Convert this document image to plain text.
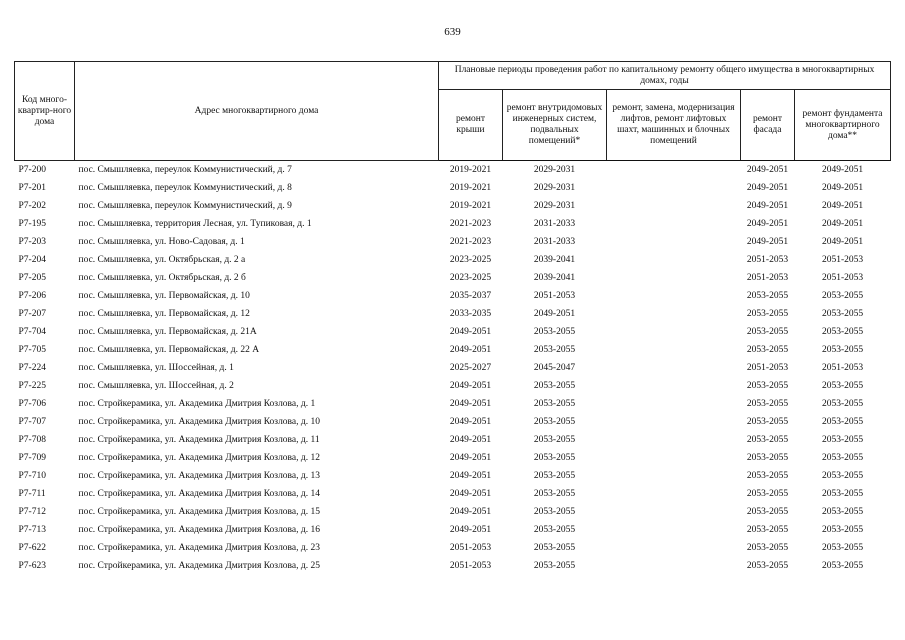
639
Код много-квартир-ного дома	Адрес многоквартирного дома	Плановые периоды проведения работ по капитальному ремонту общего имущества в многоквартирных домах, годы				
		ремонт крыши	ремонт внутридомовых инженерных систем, подвальных помещений*	ремонт, замена, модернизация лифтов, ремонт лифтовых шахт, машинных и блочных помещений	ремонт фасада	ремонт фундамента многоквартирного дома**
Р7-200	пос. Смышляевка, переулок Коммунистический, д. 7	2019-2021	2029-2031		2049-2051	2049-2051
Р7-201	пос. Смышляевка, переулок Коммунистический, д. 8	2019-2021	2029-2031		2049-2051	2049-2051
Р7-202	пос. Смышляевка, переулок Коммунистический, д. 9	2019-2021	2029-2031		2049-2051	2049-2051
Р7-195	пос. Смышляевка, территория Лесная, ул. Тупиковая, д. 1	2021-2023	2031-2033		2049-2051	2049-2051
Р7-203	пос. Смышляевка, ул. Ново-Садовая, д. 1	2021-2023	2031-2033		2049-2051	2049-2051
Р7-204	пос. Смышляевка, ул. Октябрьская, д. 2 а	2023-2025	2039-2041		2051-2053	2051-2053
Р7-205	пос. Смышляевка, ул. Октябрьская, д. 2 б	2023-2025	2039-2041		2051-2053	2051-2053
Р7-206	пос. Смышляевка, ул. Первомайская, д. 10	2035-2037	2051-2053		2053-2055	2053-2055
Р7-207	пос. Смышляевка, ул. Первомайская, д. 12	2033-2035	2049-2051		2053-2055	2053-2055
Р7-704	пос. Смышляевка, ул. Первомайская, д. 21А	2049-2051	2053-2055		2053-2055	2053-2055
Р7-705	пос. Смышляевка, ул. Первомайская, д. 22 А	2049-2051	2053-2055		2053-2055	2053-2055
Р7-224	пос. Смышляевка, ул. Шоссейная, д. 1	2025-2027	2045-2047		2051-2053	2051-2053
Р7-225	пос. Смышляевка, ул. Шоссейная, д. 2	2049-2051	2053-2055		2053-2055	2053-2055
Р7-706	пос. Стройкерамика, ул. Академика Дмитрия Козлова, д. 1	2049-2051	2053-2055		2053-2055	2053-2055
Р7-707	пос. Стройкерамика, ул. Академика Дмитрия Козлова, д. 10	2049-2051	2053-2055		2053-2055	2053-2055
Р7-708	пос. Стройкерамика, ул. Академика Дмитрия Козлова, д. 11	2049-2051	2053-2055		2053-2055	2053-2055
Р7-709	пос. Стройкерамика, ул. Академика Дмитрия Козлова, д. 12	2049-2051	2053-2055		2053-2055	2053-2055
Р7-710	пос. Стройкерамика, ул. Академика Дмитрия Козлова, д. 13	2049-2051	2053-2055		2053-2055	2053-2055
Р7-711	пос. Стройкерамика, ул. Академика Дмитрия Козлова, д. 14	2049-2051	2053-2055		2053-2055	2053-2055
Р7-712	пос. Стройкерамика, ул. Академика Дмитрия Козлова, д. 15	2049-2051	2053-2055		2053-2055	2053-2055
Р7-713	пос. Стройкерамика, ул. Академика Дмитрия Козлова, д. 16	2049-2051	2053-2055		2053-2055	2053-2055
Р7-622	пос. Стройкерамика, ул. Академика Дмитрия Козлова, д. 23	2051-2053	2053-2055		2053-2055	2053-2055
Р7-623	пос. Стройкерамика, ул. Академика Дмитрия Козлова, д. 25	2051-2053	2053-2055		2053-2055	2053-2055
